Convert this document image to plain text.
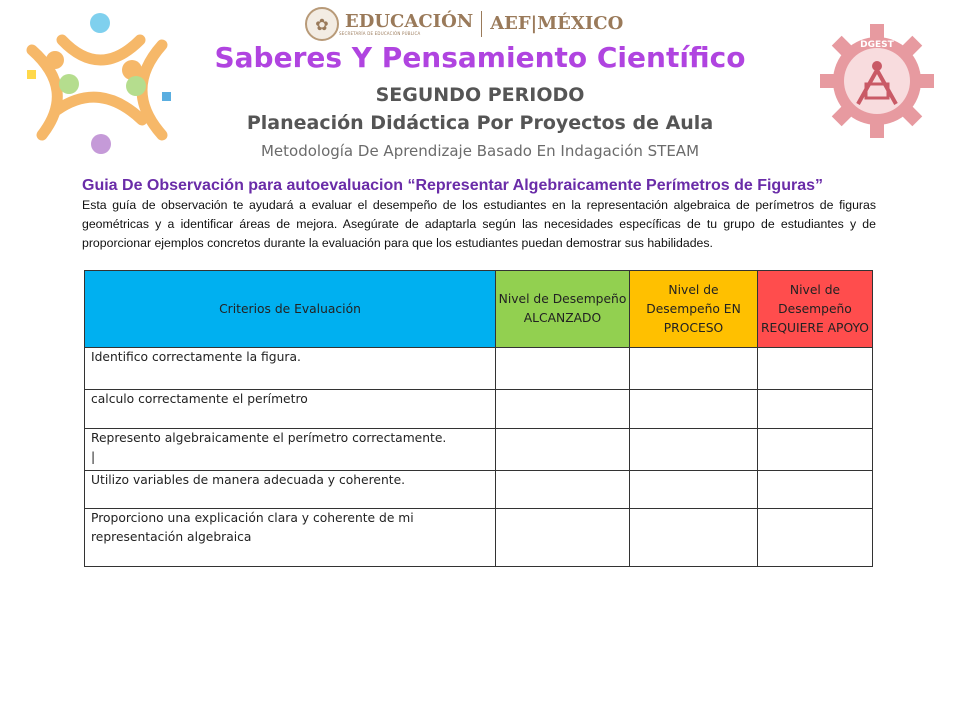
✿ EDUCACIÓN
SECRETARÍA DE EDUCACIÓN PÚBLICA	AEF|MÉXICO
Saberes Y Pensamiento Científico
SEGUNDO PERIODO
Planeación Didáctica Por Proyectos de Aula
Metodología De Aprendizaje Basado En Indagación STEAM
DGEST
Guia De Observación para autoevaluacion “Representar Algebraicamente Perímetros de Figuras”
Esta guía de observación te ayudará a evaluar el desempeño de los estudiantes en la representación algebraica de perímetros de figuras geométricas y a identificar áreas de mejora. Asegúrate de adaptarla según las necesidades específicas de tu grupo de estudiantes y de proporcionar ejemplos concretos durante la evaluación para que los estudiantes puedan demostrar sus habilidades.
Criterios de Evaluación	Nivel de Desempeño ALCANZADO	Nivel de Desempeño EN PROCESO	Nivel de Desempeño REQUIERE APOYO
Identifico correctamente la figura.			
calculo correctamente el perímetro			
Represento algebraicamente el perímetro correctamente.
|			
Utilizo variables de manera adecuada y coherente.			
Proporciono una explicación clara y coherente de mi representación algebraica			
